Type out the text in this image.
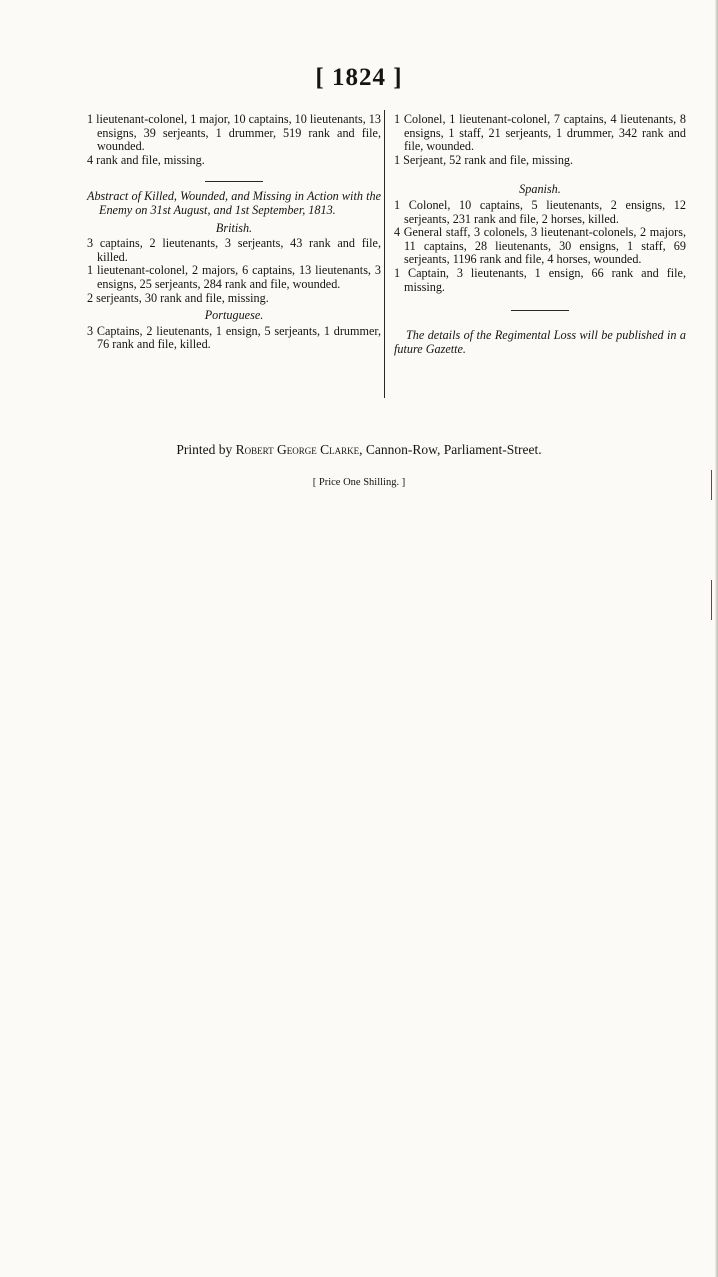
[ 1824 ]

1 lieutenant-colonel, 1 major, 10 captains, 10 lieutenants, 13 ensigns, 39 serjeants, 1 drummer, 519 rank and file, wounded.

4 rank and file, missing.

Abstract of Killed, Wounded, and Missing in Action with the Enemy on 31st August, and 1st September, 1813.

British.

3 captains, 2 lieutenants, 3 serjeants, 43 rank and file, killed.

1 lieutenant-colonel, 2 majors, 6 captains, 13 lieutenants, 3 ensigns, 25 serjeants, 284 rank and file, wounded.

2 serjeants, 30 rank and file, missing.

Portuguese.

3 Captains, 2 lieutenants, 1 ensign, 5 serjeants, 1 drummer, 76 rank and file, killed.

1 Colonel, 1 lieutenant-colonel, 7 captains, 4 lieutenants, 8 ensigns, 1 staff, 21 serjeants, 1 drummer, 342 rank and file, wounded.

1 Serjeant, 52 rank and file, missing.

Spanish.

1 Colonel, 10 captains, 5 lieutenants, 2 ensigns, 12 serjeants, 231 rank and file, 2 horses, killed.

4 General staff, 3 colonels, 3 lieutenant-colonels, 2 majors, 11 captains, 28 lieutenants, 30 ensigns, 1 staff, 69 serjeants, 1196 rank and file, 4 horses, wounded.

1 Captain, 3 lieutenants, 1 ensign, 66 rank and file, missing.

The details of the Regimental Loss will be published in a future Gazette.

Printed by Robert George Clarke, Cannon-Row, Parliament-Street.
[ Price One Shilling. ]
